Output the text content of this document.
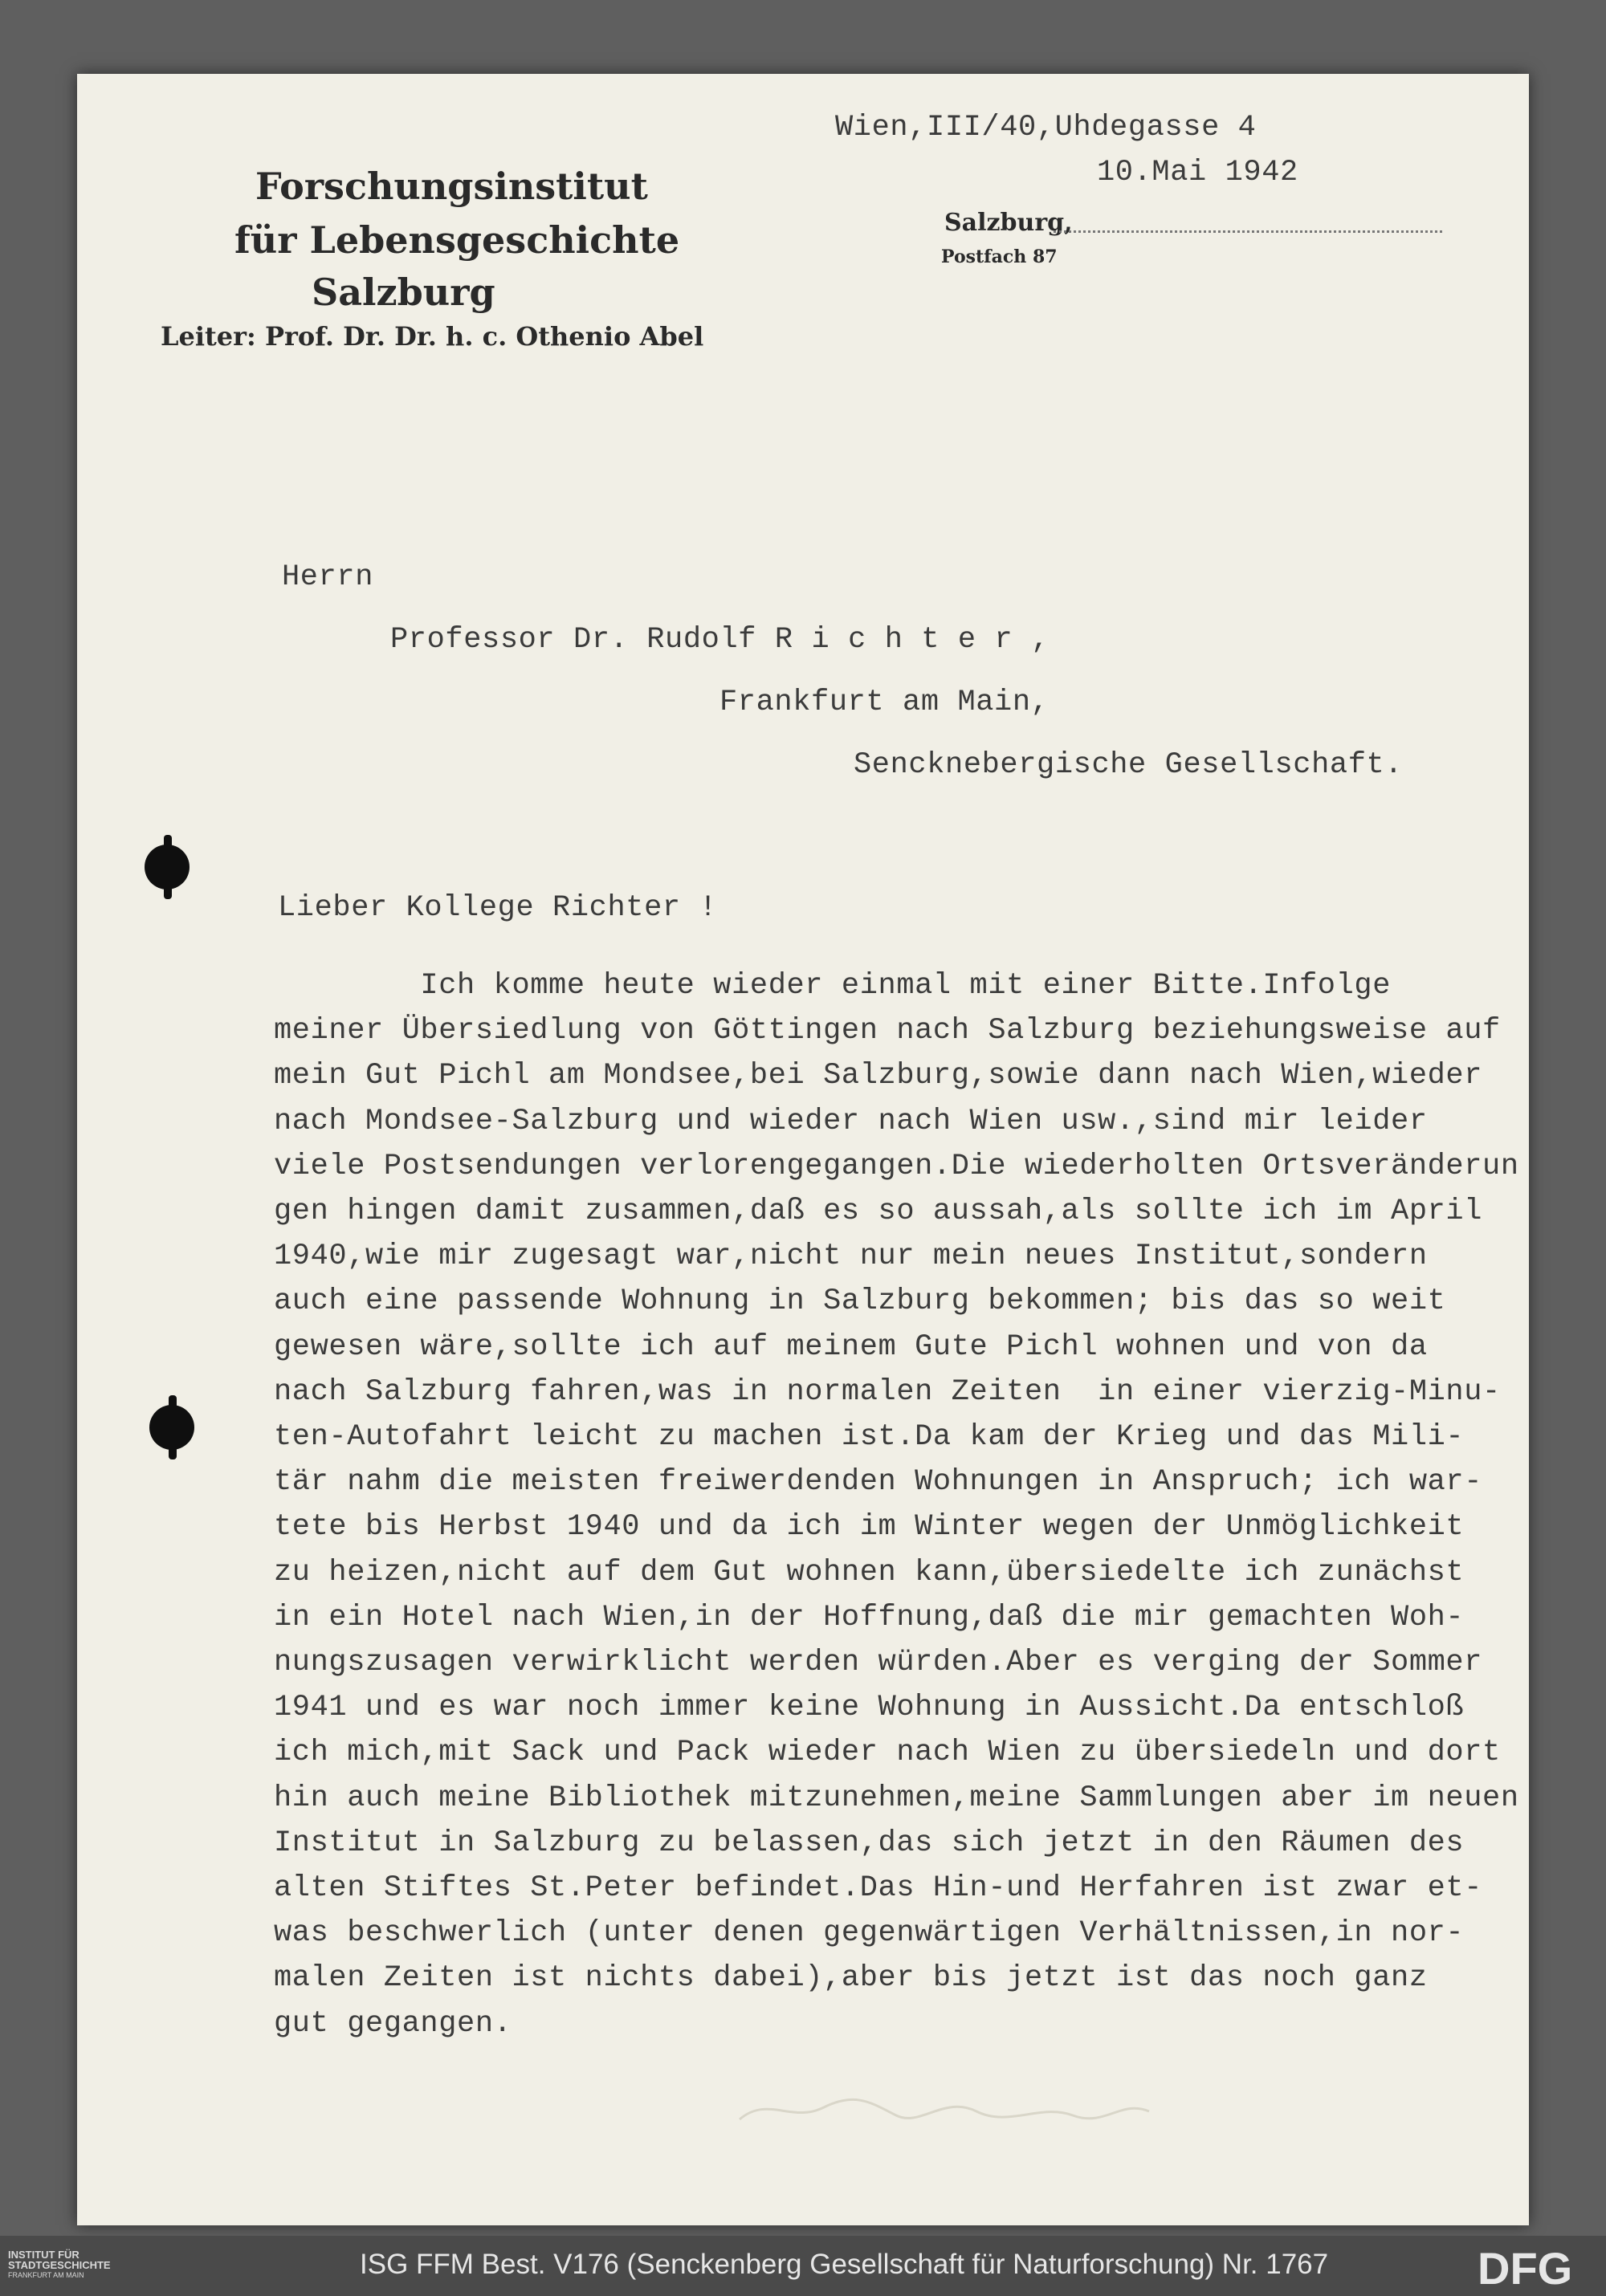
Forschungsinstitut
für Lebensgeschichte
Salzburg
Leiter: Prof. Dr. Dr. h. c. Othenio Abel
Salzburg,
Postfach 87
Wien,III/40,Uhdegasse 4
10.Mai 1942
Herrn
Professor Dr. Rudolf R i c h t e r ,
Frankfurt am Main,
Sencknebergische Gesellschaft.
Lieber Kollege Richter !
Ich komme heute wieder einmal mit einer Bitte.Infolge
meiner Übersiedlung von Göttingen nach Salzburg beziehungsweise auf
mein Gut Pichl am Mondsee,bei Salzburg,sowie dann nach Wien,wieder
nach Mondsee-Salzburg und wieder nach Wien usw.,sind mir leider
viele Postsendungen verlorengegangen.Die wiederholten Ortsveränderun
gen hingen damit zusammen,daß es so aussah,als sollte ich im April
1940,wie mir zugesagt war,nicht nur mein neues Institut,sondern
auch eine passende Wohnung in Salzburg bekommen; bis das so weit
gewesen wäre,sollte ich auf meinem Gute Pichl wohnen und von da
nach Salzburg fahren,was in normalen Zeiten  in einer vierzig-Minu-
ten-Autofahrt leicht zu machen ist.Da kam der Krieg und das Mili-
tär nahm die meisten freiwerdenden Wohnungen in Anspruch; ich war-
tete bis Herbst 1940 und da ich im Winter wegen der Unmöglichkeit
zu heizen,nicht auf dem Gut wohnen kann,übersiedelte ich zunächst
in ein Hotel nach Wien,in der Hoffnung,daß die mir gemachten Woh-
nungszusagen verwirklicht werden würden.Aber es verging der Sommer
1941 und es war noch immer keine Wohnung in Aussicht.Da entschloß
ich mich,mit Sack und Pack wieder nach Wien zu übersiedeln und dort
hin auch meine Bibliothek mitzunehmen,meine Sammlungen aber im neuen
Institut in Salzburg zu belassen,das sich jetzt in den Räumen des
alten Stiftes St.Peter befindet.Das Hin-und Herfahren ist zwar et-
was beschwerlich (unter denen gegenwärtigen Verhältnissen,in nor-
malen Zeiten ist nichts dabei),aber bis jetzt ist das noch ganz
gut gegangen.
INSTITUT FÜR
STADTGESCHICHTE
FRANKFURT AM MAIN	ISG FFM Best. V176 (Senckenberg Gesellschaft für Naturforschung) Nr. 1767	DFG
